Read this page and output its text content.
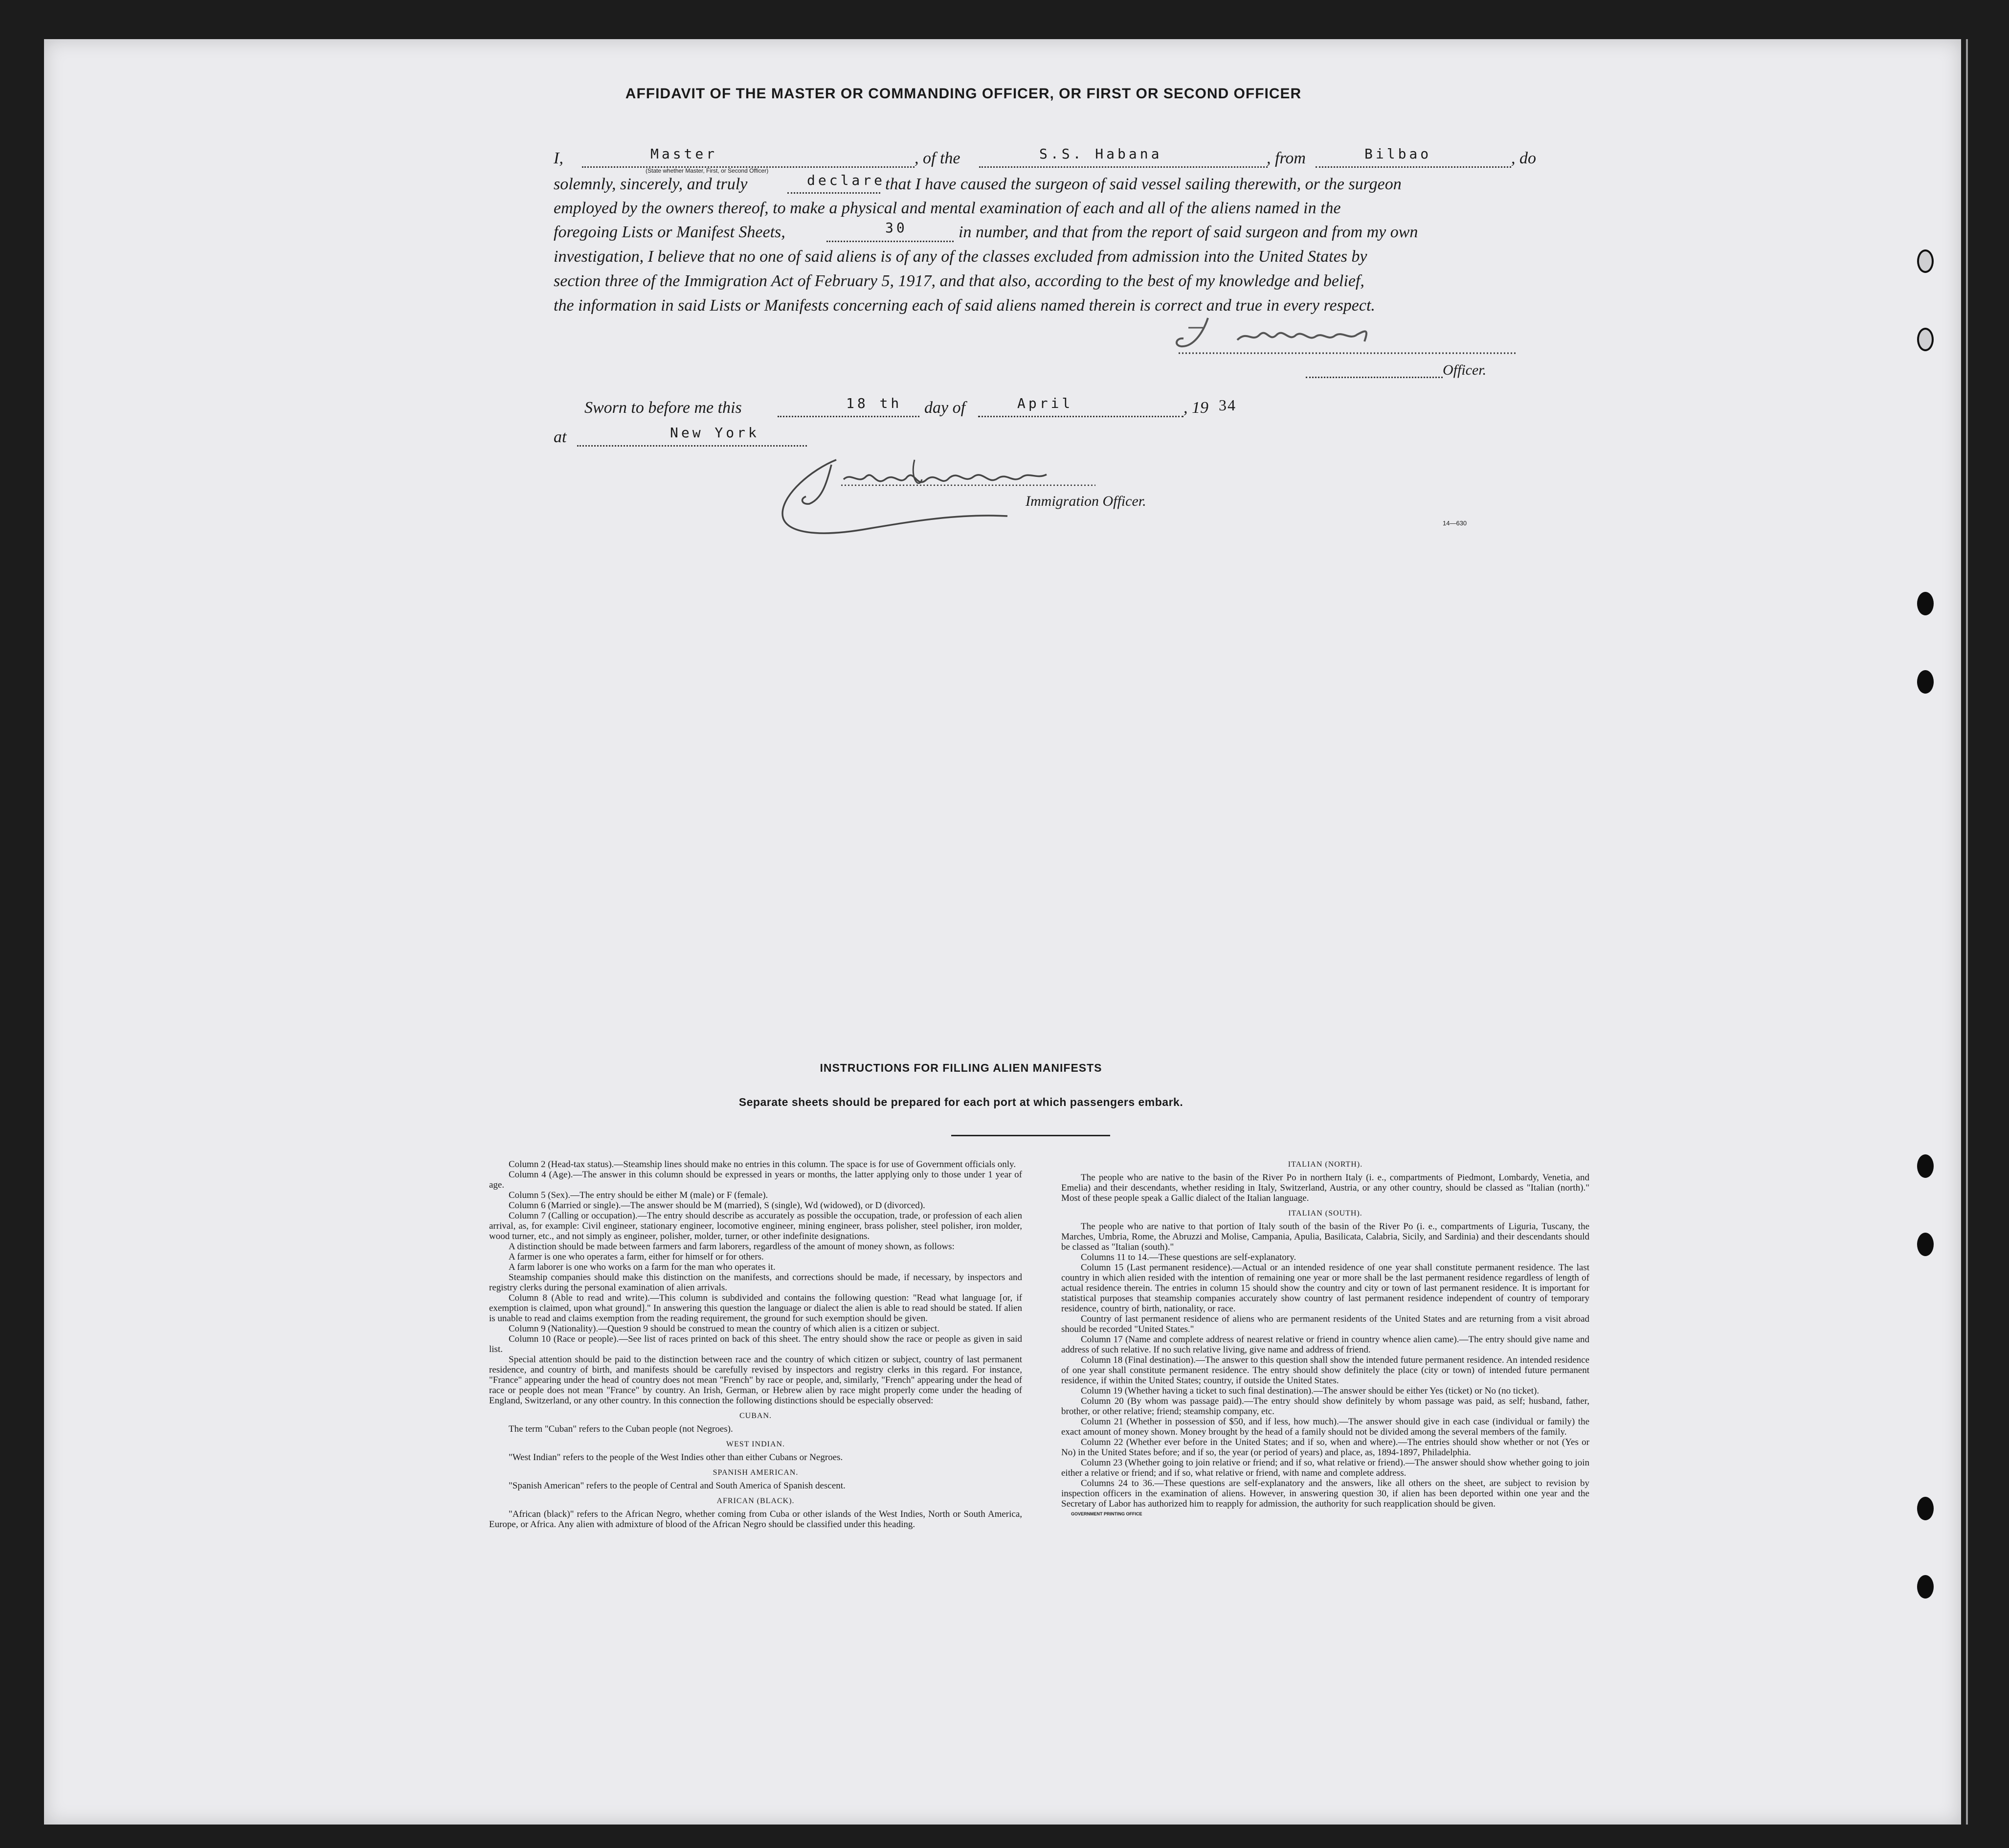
AFFIDAVIT OF THE MASTER OR COMMANDING OFFICER, OR FIRST OR SECOND OFFICER
I,	Master
(State whether Master, First, or Second Officer)
, of the	S.S. Habana	, from	Bilbao	, do
solemnly, sincerely, and truly	declare that I have caused the surgeon of said vessel sailing therewith, or the surgeon
employed by the owners thereof, to make a physical and mental examination of each and all of the aliens named in the
foregoing Lists or Manifest Sheets,	30	in number, and that from the report of said surgeon and from my own
investigation, I believe that no one of said aliens is of any of the classes excluded from admission into the United States by
section three of the Immigration Act of February 5, 1917, and that also, according to the best of my knowledge and belief,
the information in said Lists or Manifests concerning each of said aliens named therein is correct and true in every respect.
Officer.
Sworn to before me this	18 th day of	April	, 19 34
at	New York
Immigration Officer.
14—630
INSTRUCTIONS FOR FILLING ALIEN MANIFESTS
Separate sheets should be prepared for each port at which passengers embark.

Column 2 (Head-tax status).—Steamship lines should make no entries in this column. The space is for use of Government officials only.

Column 4 (Age).—The answer in this column should be expressed in years or months, the latter applying only to those under 1 year of age.

Column 5 (Sex).—The entry should be either M (male) or F (female).

Column 6 (Married or single).—The answer should be M (married), S (single), Wd (widowed), or D (divorced).

Column 7 (Calling or occupation).—The entry should describe as accurately as possible the occupation, trade, or profession of each alien arrival, as, for example: Civil engineer, stationary engineer, locomotive engineer, mining engineer, brass polisher, steel polisher, iron molder, wood turner, etc., and not simply as engineer, polisher, molder, turner, or other indefinite designations.

A distinction should be made between farmers and farm laborers, regardless of the amount of money shown, as follows:

A farmer is one who operates a farm, either for himself or for others.

A farm laborer is one who works on a farm for the man who operates it.

Steamship companies should make this distinction on the manifests, and corrections should be made, if necessary, by inspectors and registry clerks during the personal examination of alien arrivals.

Column 8 (Able to read and write).—This column is subdivided and contains the following question: "Read what language [or, if exemption is claimed, upon what ground]." In answering this question the language or dialect the alien is able to read should be stated. If alien is unable to read and claims exemption from the reading requirement, the ground for such exemption should be given.

Column 9 (Nationality).—Question 9 should be construed to mean the country of which alien is a citizen or subject.

Column 10 (Race or people).—See list of races printed on back of this sheet. The entry should show the race or people as given in said list.

Special attention should be paid to the distinction between race and the country of which citizen or subject, country of last permanent residence, and country of birth, and manifests should be carefully revised by inspectors and registry clerks in this regard. For instance, "France" appearing under the head of country does not mean "French" by race or people, and, similarly, "French" appearing under the head of race or people does not mean "France" by country. An Irish, German, or Hebrew alien by race might properly come under the heading of England, Switzerland, or any other country. In this connection the following distinctions should be especially observed:

CUBAN.

The term "Cuban" refers to the Cuban people (not Negroes).

WEST INDIAN.

"West Indian" refers to the people of the West Indies other than either Cubans or Negroes.

SPANISH AMERICAN.

"Spanish American" refers to the people of Central and South America of Spanish descent.

AFRICAN (BLACK).

"African (black)" refers to the African Negro, whether coming from Cuba or other islands of the West Indies, North or South America, Europe, or Africa. Any alien with admixture of blood of the African Negro should be classified under this heading.

ITALIAN (NORTH).

The people who are native to the basin of the River Po in northern Italy (i. e., compartments of Piedmont, Lombardy, Venetia, and Emelia) and their descendants, whether residing in Italy, Switzerland, Austria, or any other country, should be classed as "Italian (north)." Most of these people speak a Gallic dialect of the Italian language.

ITALIAN (SOUTH).

The people who are native to that portion of Italy south of the basin of the River Po (i. e., compartments of Liguria, Tuscany, the Marches, Umbria, Rome, the Abruzzi and Molise, Campania, Apulia, Basilicata, Calabria, Sicily, and Sardinia) and their descendants should be classed as "Italian (south)."

Columns 11 to 14.—These questions are self-explanatory.

Column 15 (Last permanent residence).—Actual or an intended residence of one year shall constitute permanent residence. The last country in which alien resided with the intention of remaining one year or more shall be the last permanent residence regardless of length of actual residence therein. The entries in column 15 should show the country and city or town of last permanent residence. It is important for statistical purposes that steamship companies accurately show country of last permanent residence independent of country of temporary residence, country of birth, nationality, or race.

Country of last permanent residence of aliens who are permanent residents of the United States and are returning from a visit abroad should be recorded "United States."

Column 17 (Name and complete address of nearest relative or friend in country whence alien came).—The entry should give name and address of such relative. If no such relative living, give name and address of friend.

Column 18 (Final destination).—The answer to this question shall show the intended future permanent residence. An intended residence of one year shall constitute permanent residence. The entry should show definitely the place (city or town) of intended future permanent residence, if within the United States; country, if outside the United States.

Column 19 (Whether having a ticket to such final destination).—The answer should be either Yes (ticket) or No (no ticket).

Column 20 (By whom was passage paid).—The entry should show definitely by whom passage was paid, as self; husband, father, brother, or other relative; friend; steamship company, etc.

Column 21 (Whether in possession of $50, and if less, how much).—The answer should give in each case (individual or family) the exact amount of money shown. Money brought by the head of a family should not be divided among the several members of the family.

Column 22 (Whether ever before in the United States; and if so, when and where).—The entries should show whether or not (Yes or No) in the United States before; and if so, the year (or period of years) and place, as, 1894-1897, Philadelphia.

Column 23 (Whether going to join relative or friend; and if so, what relative or friend).—The answer should show whether going to join either a relative or friend; and if so, what relative or friend, with name and complete address.

Columns 24 to 36.—These questions are self-explanatory and the answers, like all others on the sheet, are subject to revision by inspection officers in the examination of aliens. However, in answering question 30, if alien has been deported within one year and the Secretary of Labor has authorized him to reapply for admission, the authority for such reapplication should be given.

GOVERNMENT PRINTING OFFICE
